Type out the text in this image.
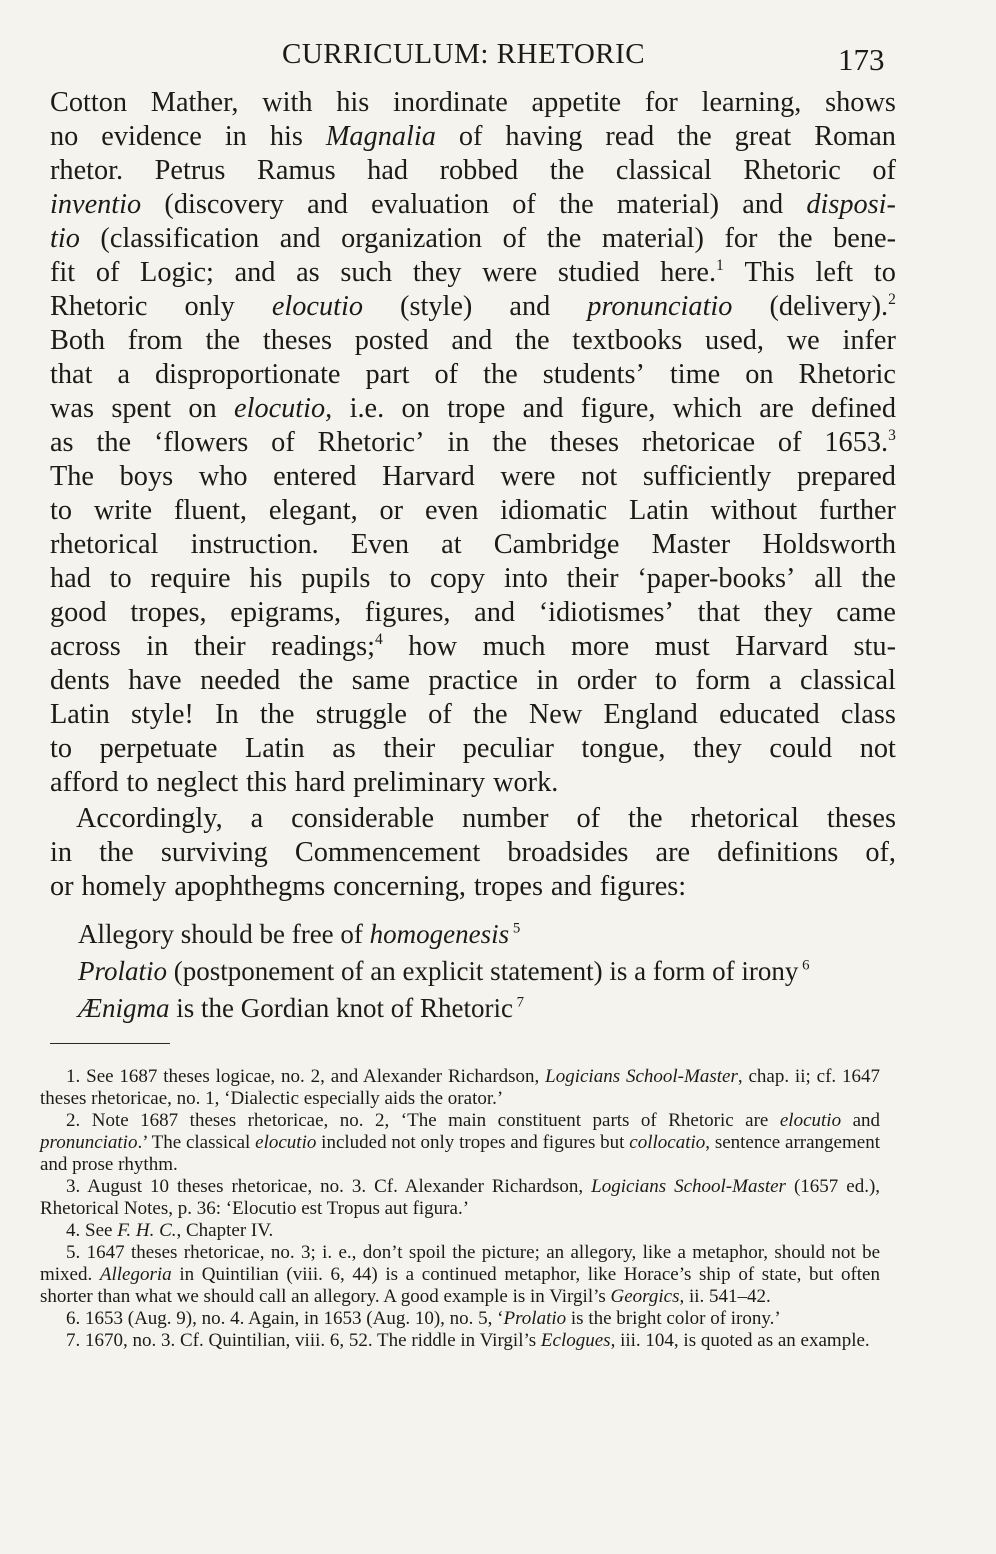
CURRICULUM: RHETORIC	173
Cotton Mather, with his inordinate appetite for learning, shows
no evidence in his Magnalia of having read the great Roman
rhetor. Petrus Ramus had robbed the classical Rhetoric of
inventio (discovery and evaluation of the material) and disposi-
tio (classification and organization of the material) for the bene-
fit of Logic; and as such they were studied here.$^1$ This left to
Rhetoric only elocutio (style) and pronunciatio (delivery).$^2$
Both from the theses posted and the textbooks used, we infer
that a disproportionate part of the students’ time on Rhetoric
was spent on elocutio, i.e. on trope and figure, which are defined
as the ‘flowers of Rhetoric’ in the theses rhetoricae of 1653.$^3$
The boys who entered Harvard were not sufficiently prepared
to write fluent, elegant, or even idiomatic Latin without further
rhetorical instruction. Even at Cambridge Master Holdsworth
had to require his pupils to copy into their ‘paper-books’ all the
good tropes, epigrams, figures, and ‘idiotismes’ that they came
across in their readings;$^4$ how much more must Harvard stu-
dents have needed the same practice in order to form a classical
Latin style! In the struggle of the New England educated class
to perpetuate Latin as their peculiar tongue, they could not
afford to neglect this hard preliminary work.
Accordingly, a considerable number of the rhetorical theses
in the surviving Commencement broadsides are definitions of,
or homely apophthegms concerning, tropes and figures:
Allegory should be free of homogenesis $^5$
Prolatio (postponement of an explicit statement) is a form of irony $^6$
Ænigma is the Gordian knot of Rhetoric $^7$
1. See 1687 theses logicae, no. 2, and Alexander Richardson, Logicians School-Master, chap. ii; cf. 1647 theses rhetoricae, no. 1, ‘Dialectic especially aids the orator.’
2. Note 1687 theses rhetoricae, no. 2, ‘The main constituent parts of Rhetoric are elocutio and pronunciatio.’ The classical elocutio included not only tropes and figures but collocatio, sentence arrangement and prose rhythm.
3. August 10 theses rhetoricae, no. 3. Cf. Alexander Richardson, Logicians School-Master (1657 ed.), Rhetorical Notes, p. 36: ‘Elocutio est Tropus aut figura.’
4. See F. H. C., Chapter IV.
5. 1647 theses rhetoricae, no. 3; i. e., don’t spoil the picture; an allegory, like a metaphor, should not be mixed. Allegoria in Quintilian (viii. 6, 44) is a continued metaphor, like Horace’s ship of state, but often shorter than what we should call an allegory. A good example is in Virgil’s Georgics, ii. 541–42.
6. 1653 (Aug. 9), no. 4. Again, in 1653 (Aug. 10), no. 5, ‘Prolatio is the bright color of irony.’
7. 1670, no. 3. Cf. Quintilian, viii. 6, 52. The riddle in Virgil’s Eclogues, iii. 104, is quoted as an example.
